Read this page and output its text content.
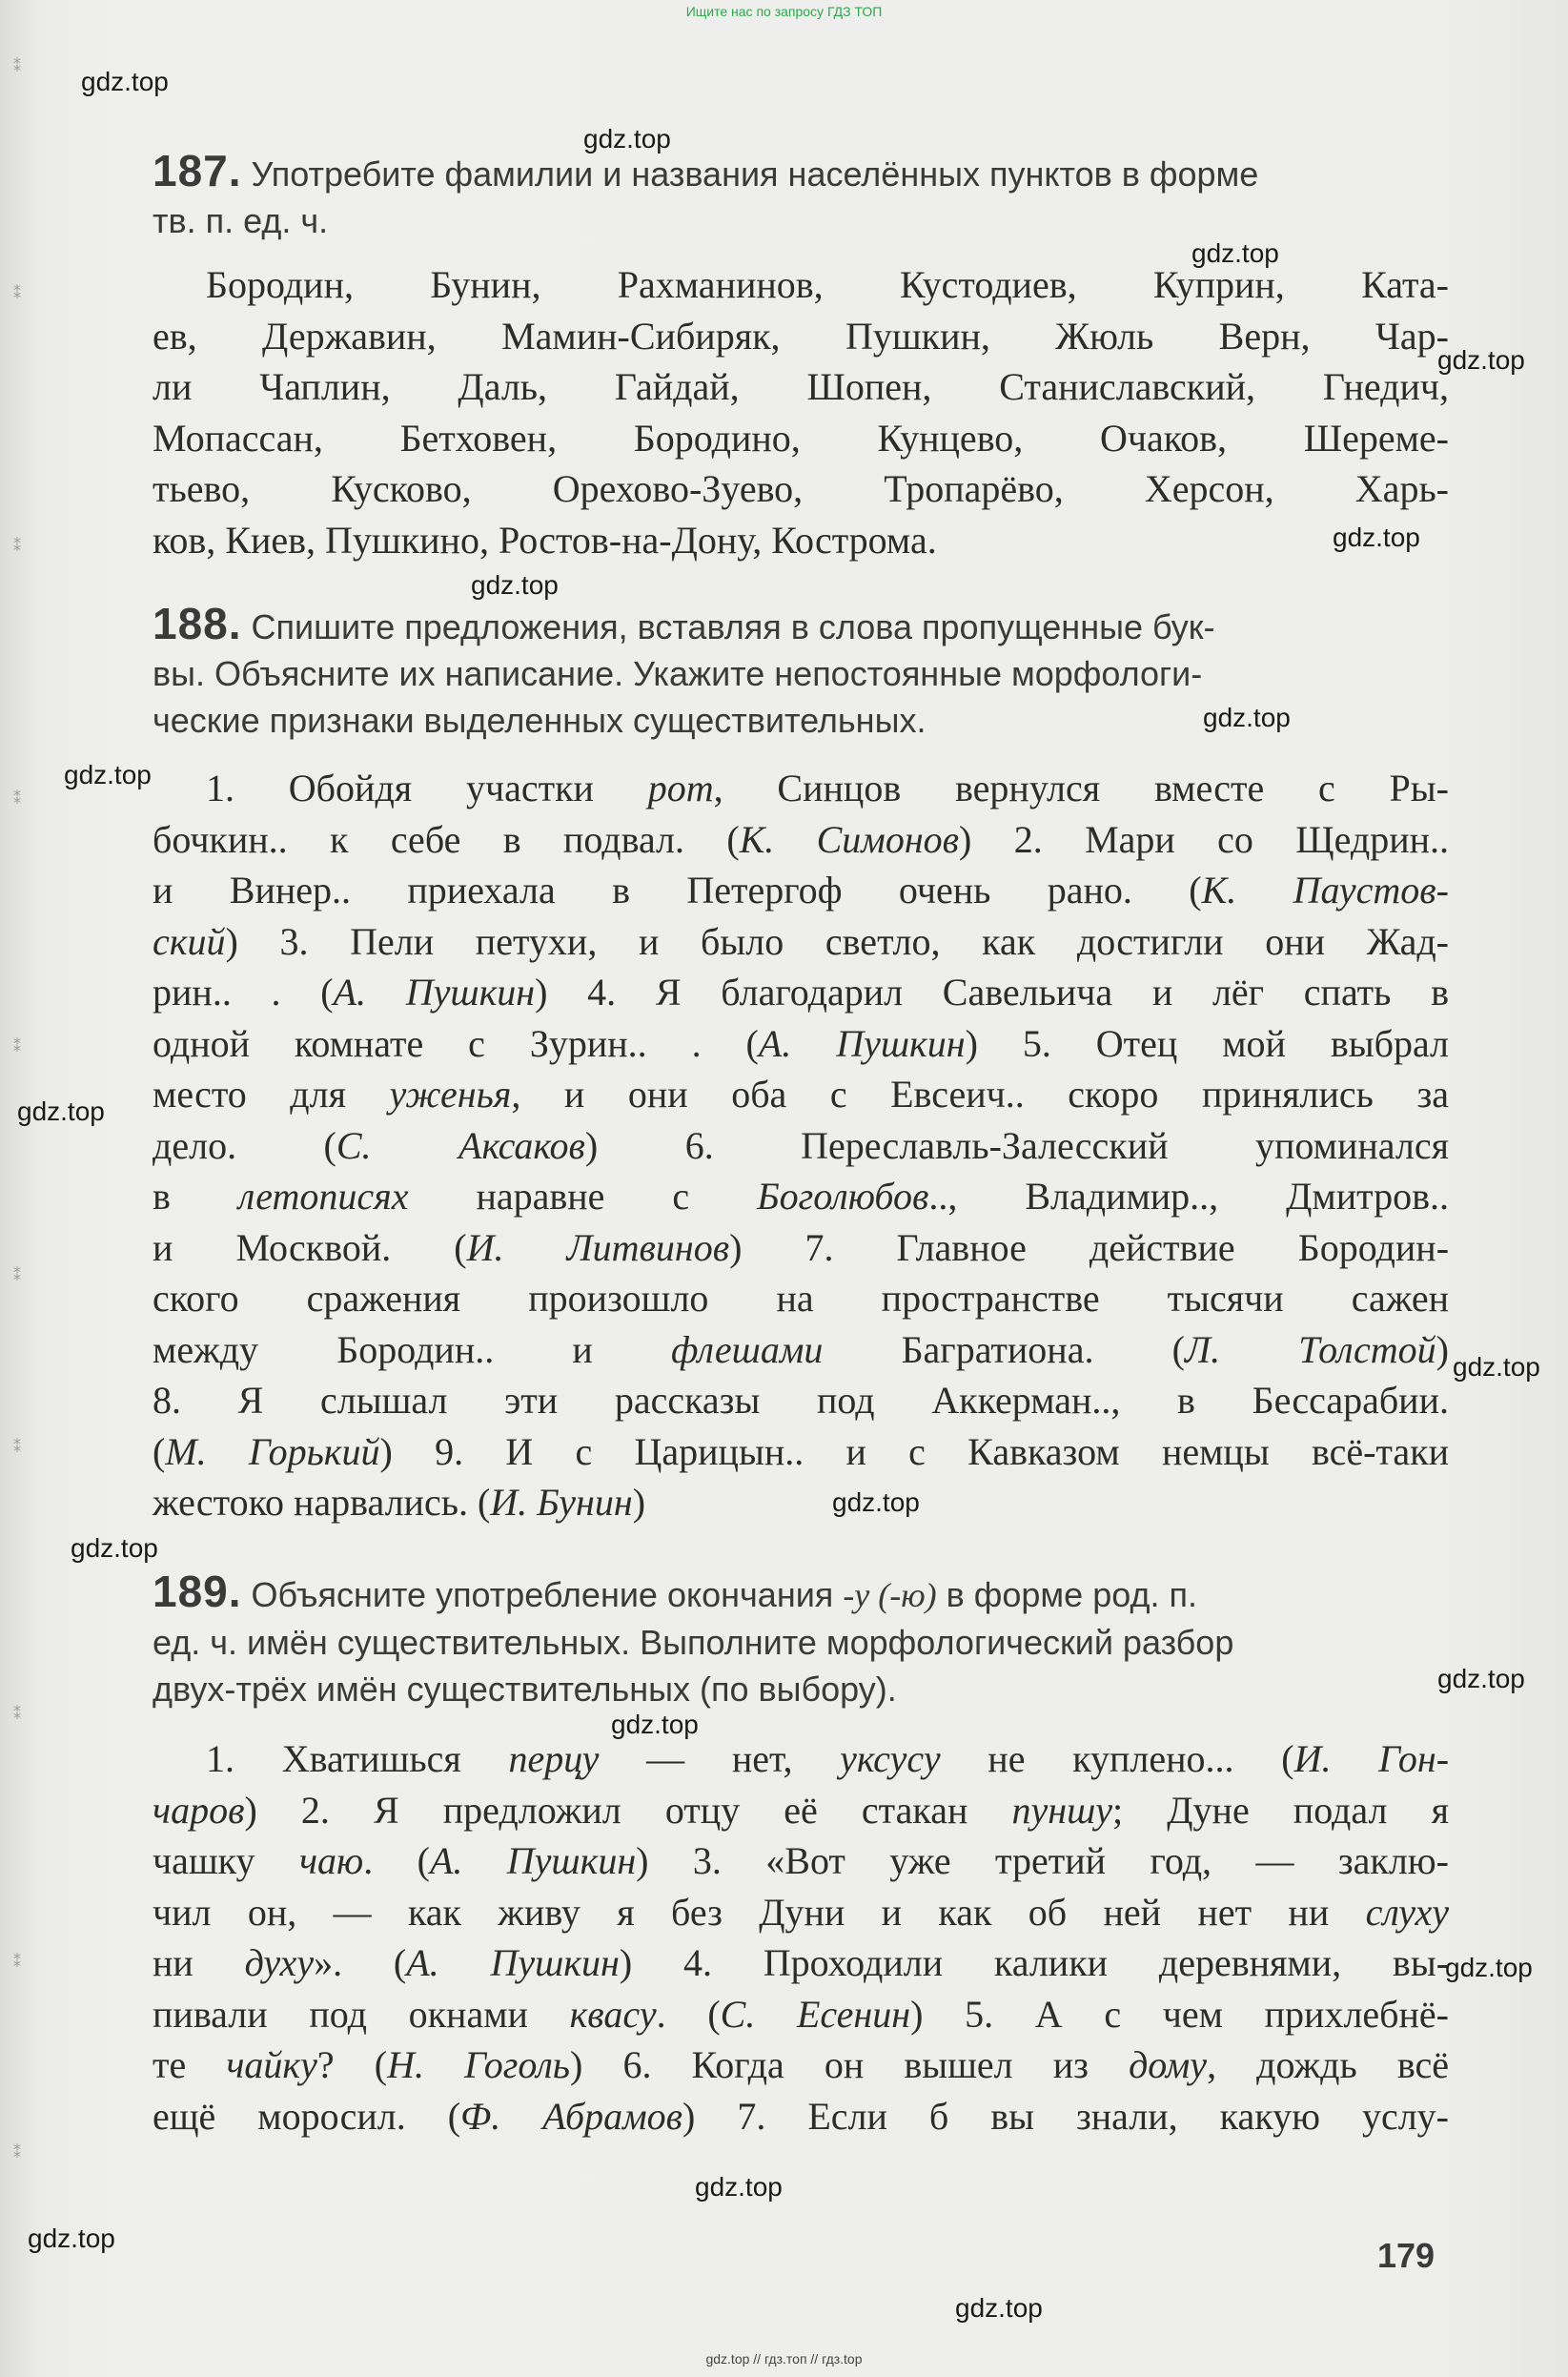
Ищите нас по запросу ГДЗ ТОП
⁑
⁑
⁑
⁑
⁑
⁑
⁑
⁑
⁑
⁑
gdz.top
gdz.top
gdz.top
gdz.top
gdz.top
gdz.top
gdz.top
gdz.top
gdz.top
gdz.top
gdz.top
gdz.top
gdz.top
gdz.top
gdz.top
gdz.top
gdz.top
gdz.top
187. Употребите фамилии и названия населённых пунктов в форме
тв. п. ед. ч.
Бородин, Бунин, Рахманинов, Кустодиев, Куприн, Ката-
ев, Державин, Мамин-Сибиряк, Пушкин, Жюль Верн, Чар-
ли Чаплин, Даль, Гайдай, Шопен, Станиславский, Гнедич,
Мопассан, Бетховен, Бородино, Кунцево, Очаков, Шереме-
тьево, Кусково, Орехово-Зуево, Тропарёво, Херсон, Харь-
ков, Киев, Пушкино, Ростов-на-Дону, Кострома.
188. Спишите предложения, вставляя в слова пропущенные бук-
вы. Объясните их написание. Укажите непостоянные морфологи-
ческие признаки выделенных существительных.
1. Обойдя участки рот, Синцов вернулся вместе с Ры-
бочкин.. к себе в подвал. (К. Симонов) 2. Мари со Щедрин..
и Винер.. приехала в Петергоф очень рано. (К. Паустов-
ский) 3. Пели петухи, и было светло, как достигли они Жад-
рин.. . (А. Пушкин) 4. Я благодарил Савельича и лёг спать в
одной комнате с Зурин.. . (А. Пушкин) 5. Отец мой выбрал
место для уженья, и они оба с Евсеич.. скоро принялись за
дело. (С. Аксаков) 6. Переславль-Залесский упоминался
в летописях наравне с Боголюбов.., Владимир.., Дмитров..
и Москвой. (И. Литвинов) 7. Главное действие Бородин-
ского сражения произошло на пространстве тысячи сажен
между Бородин.. и флешами Багратиона. (Л. Толстой)
8. Я слышал эти рассказы под Аккерман.., в Бессарабии.
(М. Горький) 9. И с Царицын.. и с Кавказом немцы всё-таки
жестоко нарвались. (И. Бунин)
189. Объясните употребление окончания -у (-ю) в форме род. п.
ед. ч. имён существительных. Выполните морфологический разбор
двух-трёх имён существительных (по выбору).
1. Хватишься перцу — нет, уксусу не куплено... (И. Гон-
чаров) 2. Я предложил отцу её стакан пуншу; Дуне подал я
чашку чаю. (А. Пушкин) 3. «Вот уже третий год, — заклю-
чил он, — как живу я без Дуни и как об ней нет ни слуху
ни духу». (А. Пушкин) 4. Проходили калики деревнями, вы-
пивали под окнами квасу. (С. Есенин) 5. А с чем прихлебнё-
те чайку? (Н. Гоголь) 6. Когда он вышел из дому, дождь всё
ещё моросил. (Ф. Абрамов) 7. Если б вы знали, какую услу-
179
gdz.top // гдз.топ // гдз.top
